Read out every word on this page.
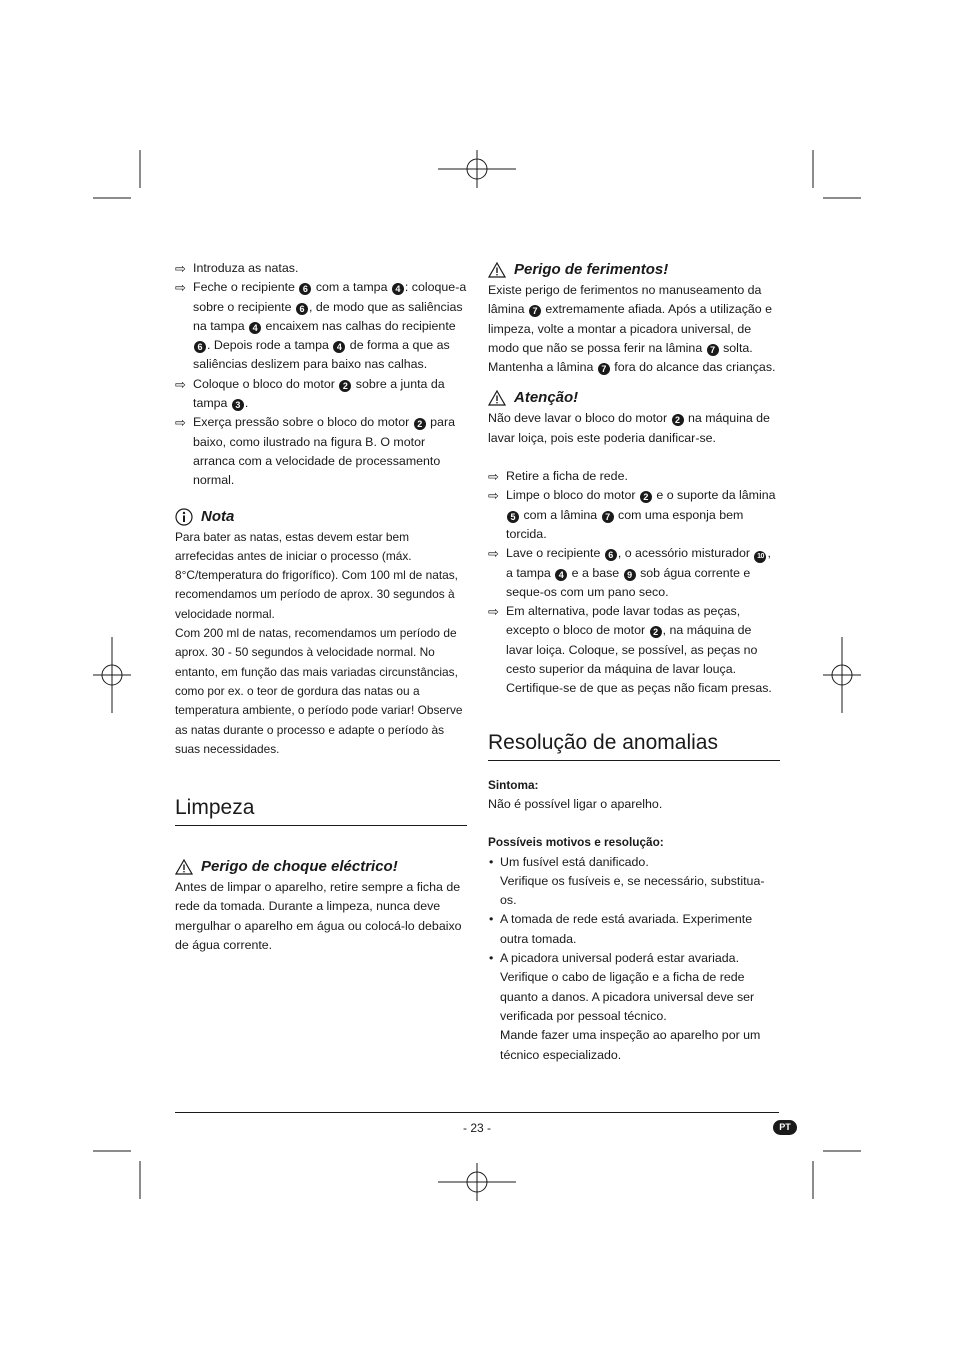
⇨ Introduza as natas.
⇨ Feche o recipiente 6 com a tampa 4 : coloque-a sobre o recipiente 6 , de modo que as saliências na tampa 4 encaixem nas calhas do recipiente 6 . Depois rode a tampa 4 de forma a que as saliências deslizem para baixo nas calhas.
⇨ Coloque o bloco do motor 2 sobre a junta da tampa 3 .
⇨ Exerça pressão sobre o bloco do motor 2 para baixo, como ilustrado na figura B. O motor arranca com a velocidade de processamento normal.
Nota
Para bater as natas, estas devem estar bem arrefecidas antes de iniciar o processo (máx. 8°C/temperatura do frigorífico). Com 100 ml de natas, recomendamos um período de aprox. 30 segundos à velocidade normal.
Com 200 ml de natas, recomendamos um período de aprox. 30 - 50 segundos à velocidade normal. No entanto, em função das mais variadas circunstâncias, como por ex. o teor de gordura das natas ou a temperatura ambiente, o período pode variar! Observe as natas durante o processo e adapte o período às suas necessidades.
Limpeza
Perigo de choque eléctrico!
Antes de limpar o aparelho, retire sempre a ficha de rede da tomada. Durante a limpeza, nunca deve mergulhar o aparelho em água ou colocá-lo debaixo de água corrente.
Perigo de ferimentos!
Existe perigo de ferimentos no manuseamento da lâmina 7 extremamente afiada. Após a utilização e limpeza, volte a montar a picadora universal, de modo que não se possa ferir na lâmina 7 solta. Mantenha a lâmina 7 fora do alcance das crianças.
Atenção!
Não deve lavar o bloco do motor 2 na máquina de lavar loiça, pois este poderia danificar-se.
⇨ Retire a ficha de rede.
⇨ Limpe o bloco do motor 2 e o suporte da lâmina 5 com a lâmina 7 com uma esponja bem torcida.
⇨ Lave o recipiente 6 , o acessório misturador 10 , a tampa 4 e a base 9 sob água corrente e seque-os com um pano seco.
⇨ Em alternativa, pode lavar todas as peças, excepto o bloco de motor 2 , na máquina de lavar loiça. Coloque, se possível, as peças no cesto superior da máquina de lavar louça. Certifique-se de que as peças não ficam presas.
Resolução de anomalias
Sintoma:
Não é possível ligar o aparelho.
Possíveis motivos e resolução:
• Um fusível está danificado.
Verifique os fusíveis e, se necessário, substitua-os.
• A tomada de rede está avariada. Experimente outra tomada.
• A picadora universal poderá estar avariada.
Verifique o cabo de ligação e a ficha de rede quanto a danos. A picadora universal deve ser verificada por pessoal técnico.
Mande fazer uma inspeção ao aparelho por um técnico especializado.
- 23 -	PT
